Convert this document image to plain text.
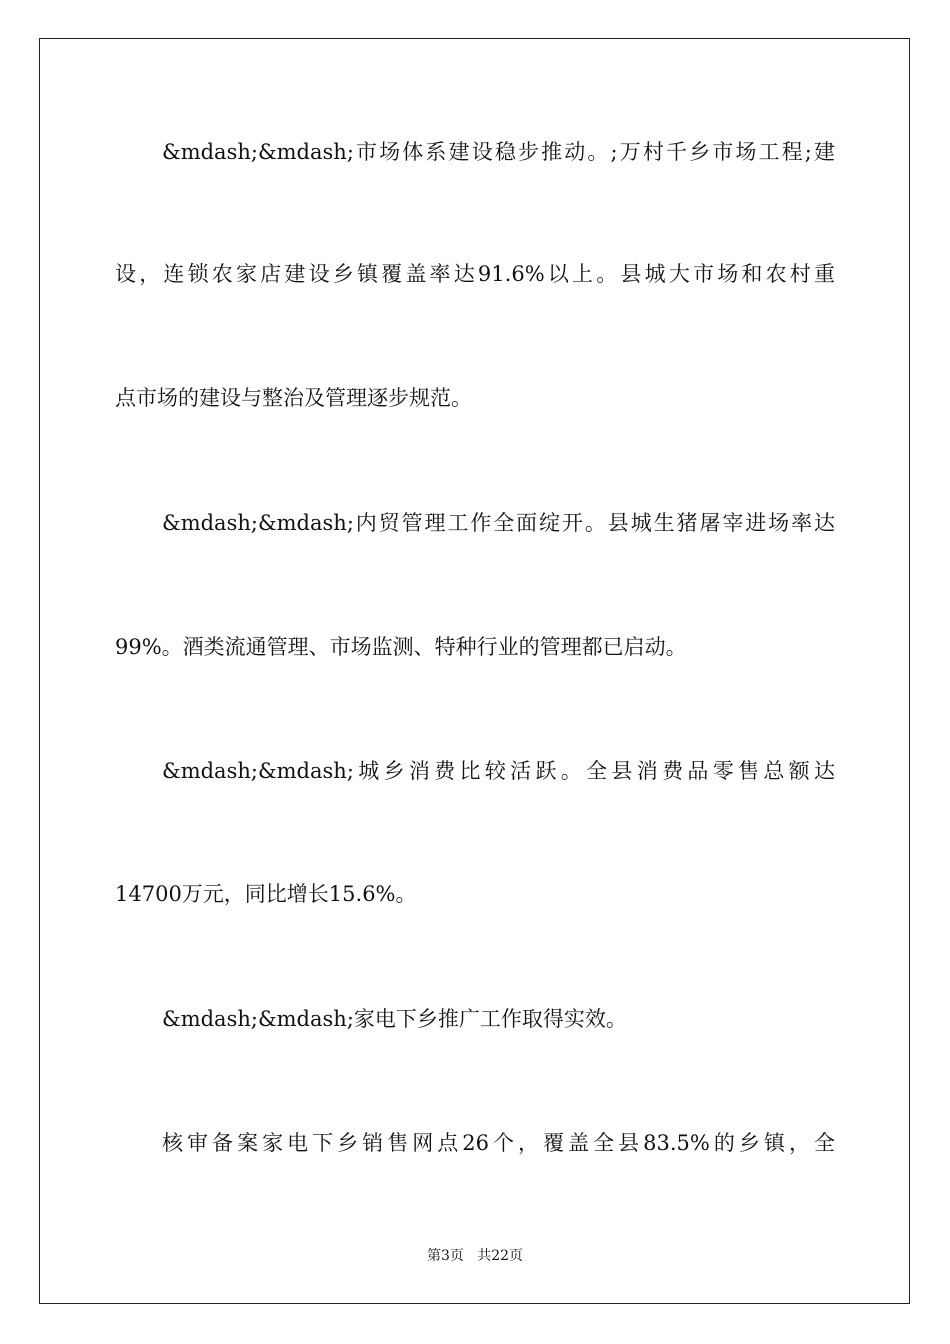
&mdash;&mdash;市场体系建设稳步推动。;万村千乡市场工程;建
设，连锁农家店建设乡镇覆盖率达91.6%以上。县城大市场和农村重
点市场的建设与整治及管理逐步规范。
&mdash;&mdash;内贸管理工作全面绽开。县城生猪屠宰进场率达
99%。酒类流通管理、市场监测、特种行业的管理都已启动。
&mdash;&mdash;城乡消费比较活跃。全县消费品零售总额达
14700万元，同比增长15.6%。
&mdash;&mdash;家电下乡推广工作取得实效。
核审备案家电下乡销售网点26个，覆盖全县83.5%的乡镇，全
第3页   共22页
